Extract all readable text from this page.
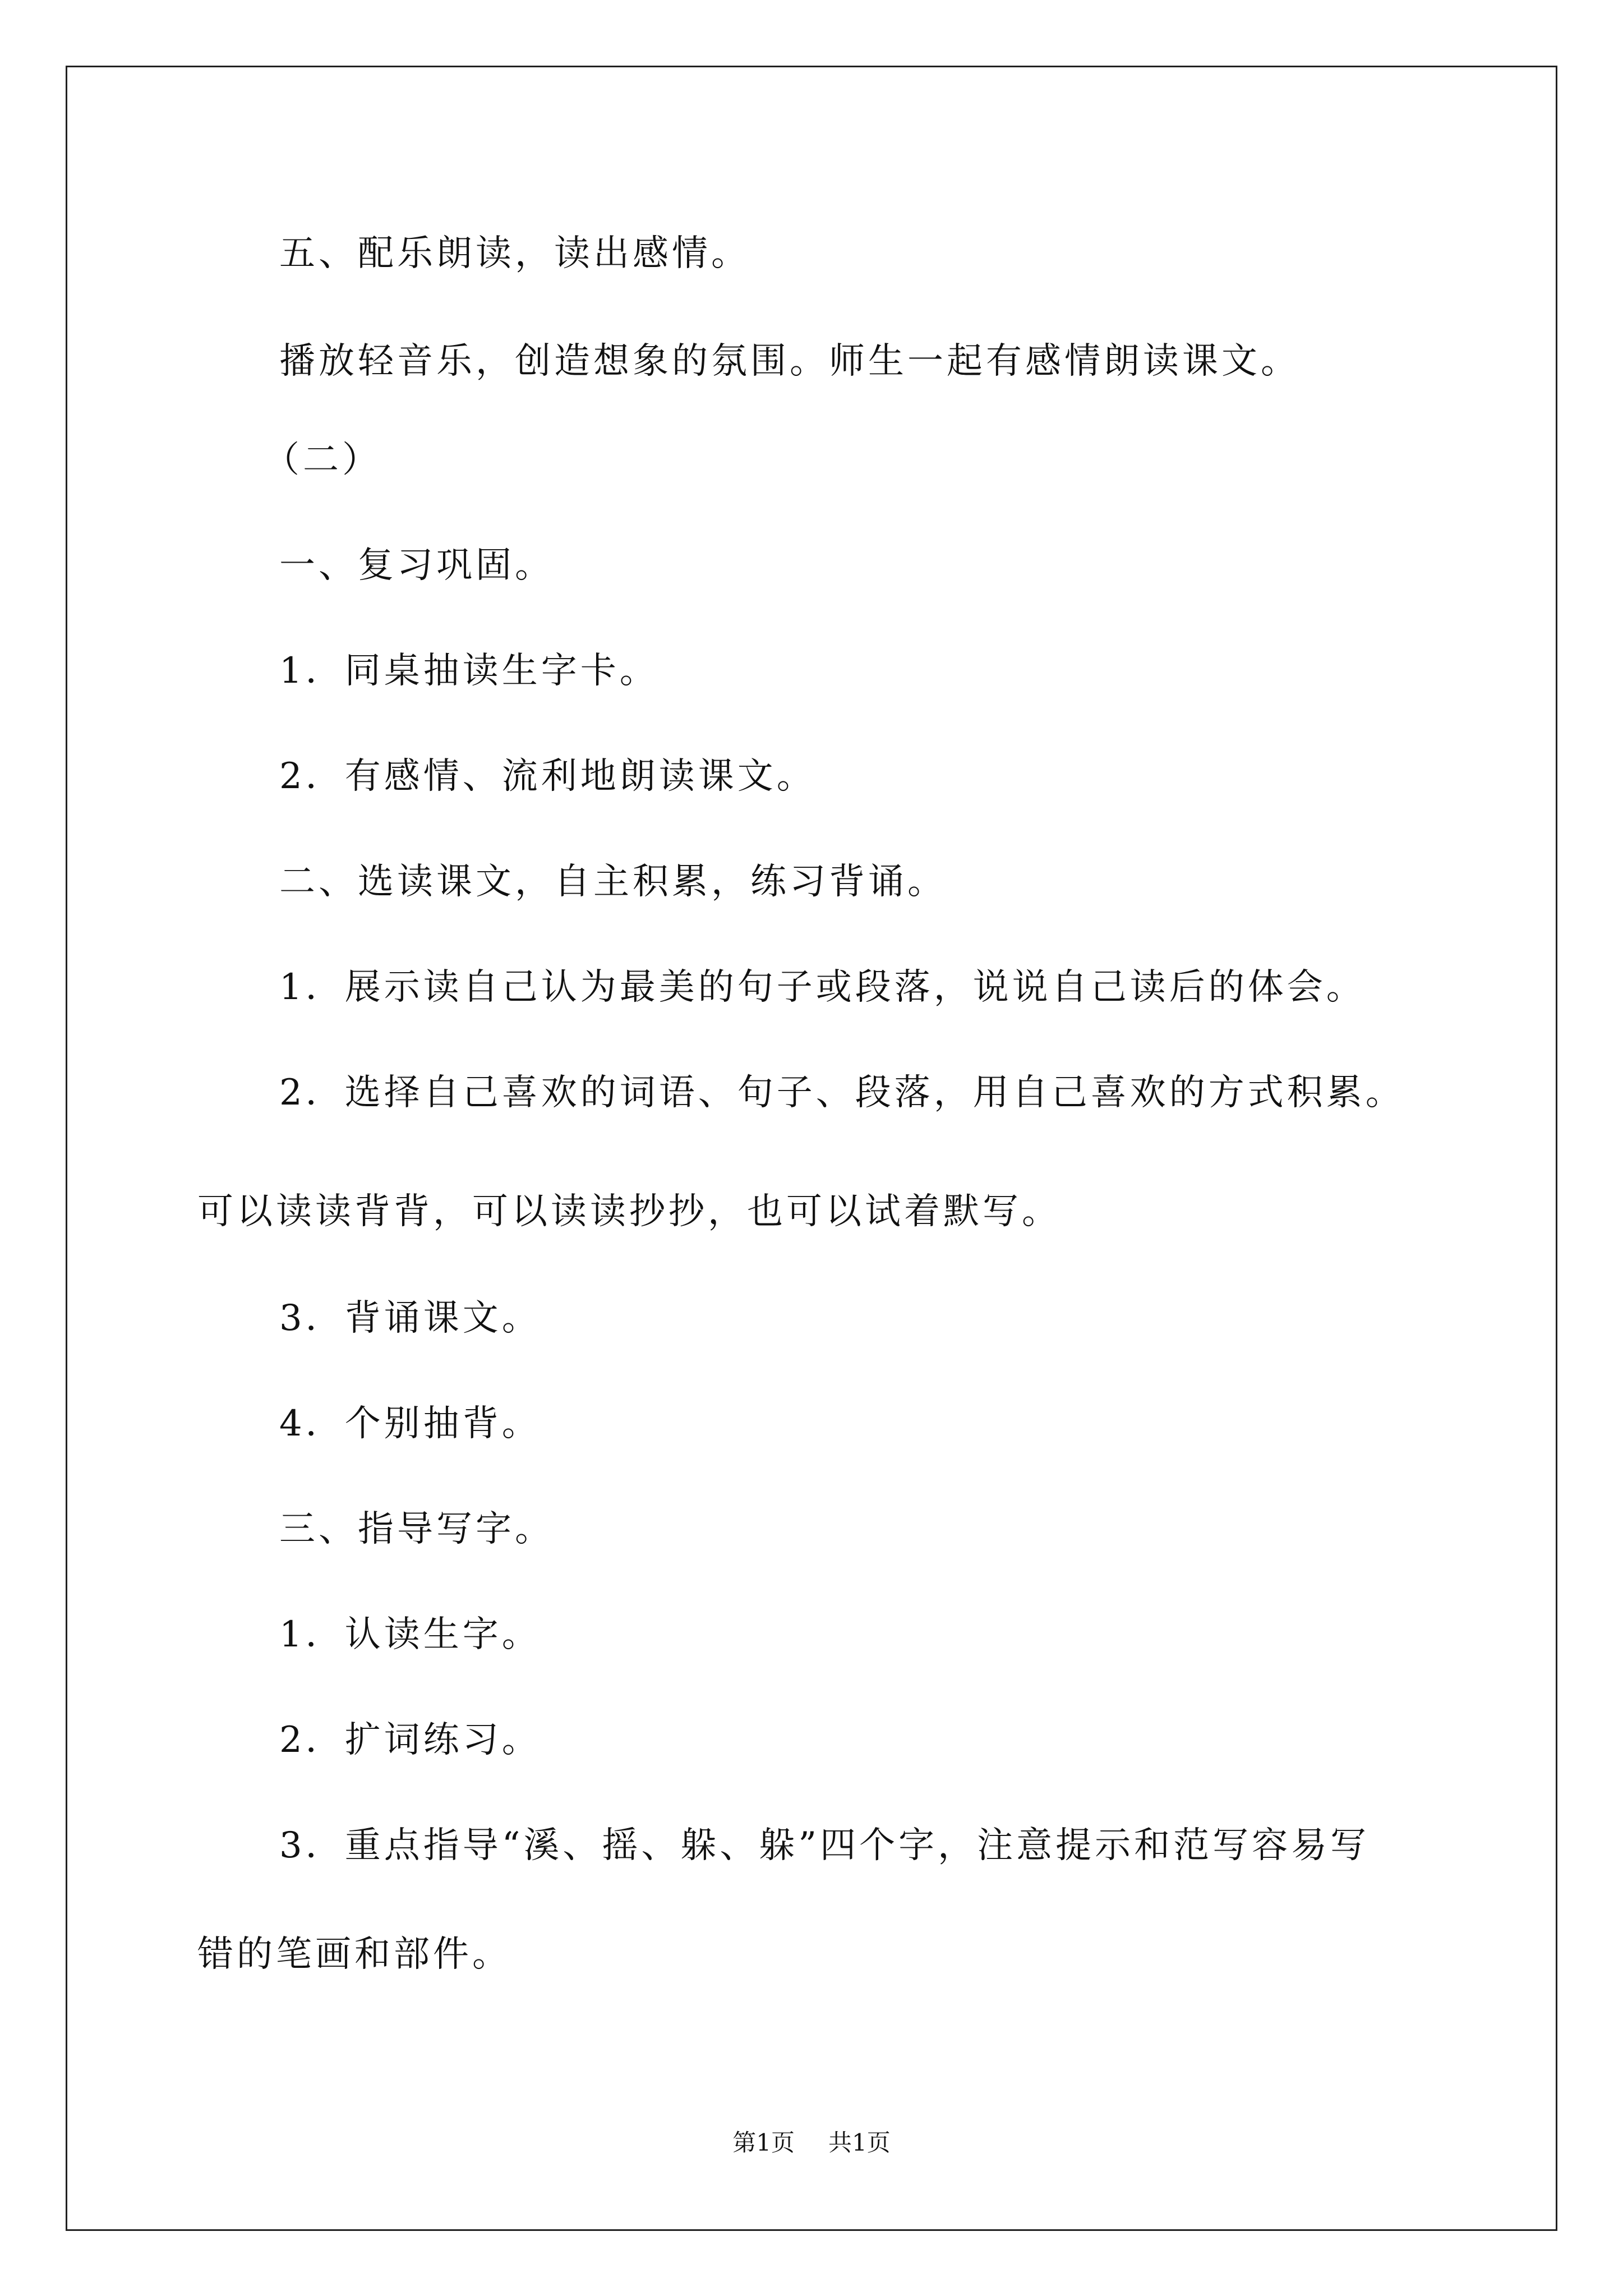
五、配乐朗读，读出感情。
播放轻音乐，创造想象的氛围。师生一起有感情朗读课文。
（二）
一、复习巩固。
1．同桌抽读生字卡。
2．有感情、流利地朗读课文。
二、选读课文，自主积累，练习背诵。
1．展示读自己认为最美的句子或段落，说说自己读后的体会。
2．选择自己喜欢的词语、句子、段落，用自己喜欢的方式积累。
可以读读背背，可以读读抄抄，也可以试着默写。
3．背诵课文。
4．个别抽背。
三、指导写字。
1．认读生字。
2．扩词练习。
3．重点指导“溪、摇、躲、躲”四个字，注意提示和范写容易写
错的笔画和部件。
第1页 共1页
